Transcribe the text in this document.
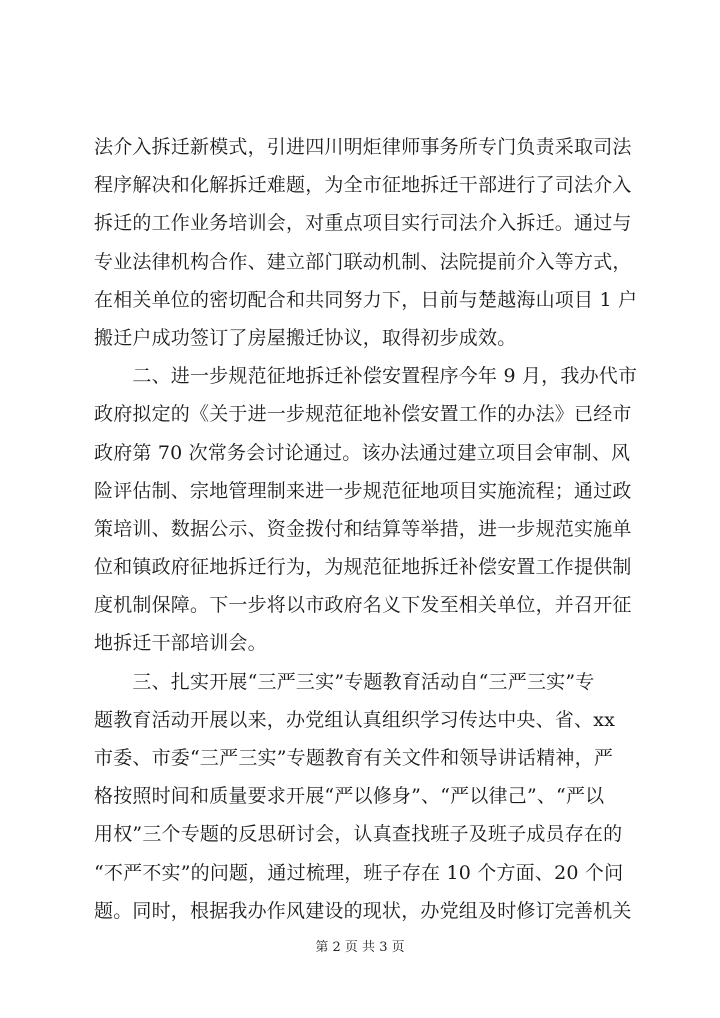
法介入拆迁新模式，引进四川明炬律师事务所专门负责采取司法
程序解决和化解拆迁难题，为全市征地拆迁干部进行了司法介入
拆迁的工作业务培训会，对重点项目实行司法介入拆迁。通过与
专业法律机构合作、建立部门联动机制、法院提前介入等方式，
在相关单位的密切配合和共同努力下，日前与楚越海山项目 1 户
搬迁户成功签订了房屋搬迁协议，取得初步成效。
　　二、进一步规范征地拆迁补偿安置程序今年 9 月，我办代市
政府拟定的《关于进一步规范征地补偿安置工作的办法》已经市
政府第 70 次常务会讨论通过。该办法通过建立项目会审制、风
险评估制、宗地管理制来进一步规范征地项目实施流程；通过政
策培训、数据公示、资金拨付和结算等举措，进一步规范实施单
位和镇政府征地拆迁行为，为规范征地拆迁补偿安置工作提供制
度机制保障。下一步将以市政府名义下发至相关单位，并召开征
地拆迁干部培训会。
　　三、扎实开展“三严三实”专题教育活动自“三严三实”专
题教育活动开展以来，办党组认真组织学习传达中央、省、xx
市委、市委“三严三实”专题教育有关文件和领导讲话精神，严
格按照时间和质量要求开展“严以修身”、“严以律己”、“严以
用权”三个专题的反思研讨会，认真查找班子及班子成员存在的
“不严不实”的问题，通过梳理，班子存在 10 个方面、20 个问
题。同时，根据我办作风建设的现状，办党组及时修订完善机关
第 2 页 共 3 页
